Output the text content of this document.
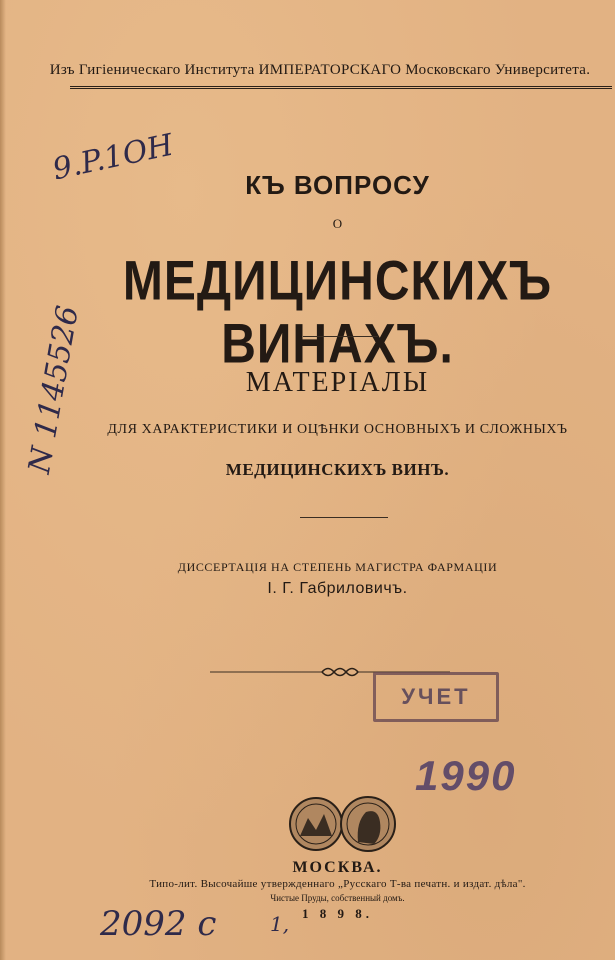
Изъ Гигіеническаго Института ИМПЕРАТОРСКАГО Московскаго Университета.
КЪ ВОПРОСУ
О
МЕДИЦИНСКИХЪ ВИНАХЪ.
МАТЕРІАЛЫ
ДЛЯ ХАРАКТЕРИСТИКИ И ОЦѢНКИ ОСНОВНЫХЪ И СЛОЖНЫХЪ
МЕДИЦИНСКИХЪ ВИНЪ.
ДИССЕРТАЦІЯ НА СТЕПЕНЬ МАГИСТРА ФАРМАЦІИ
І. Г. Габриловичъ.
УЧЕТ
1990
МОСКВА.
Типо-лит. Высочайше утвержденнаго „Русскаго Т-ва печатн. и издат. дѣла".
Чистые Пруды, собственный домъ.
1 8 9 8.
9.P.1ОН
N 1145526
2092 с	1,
